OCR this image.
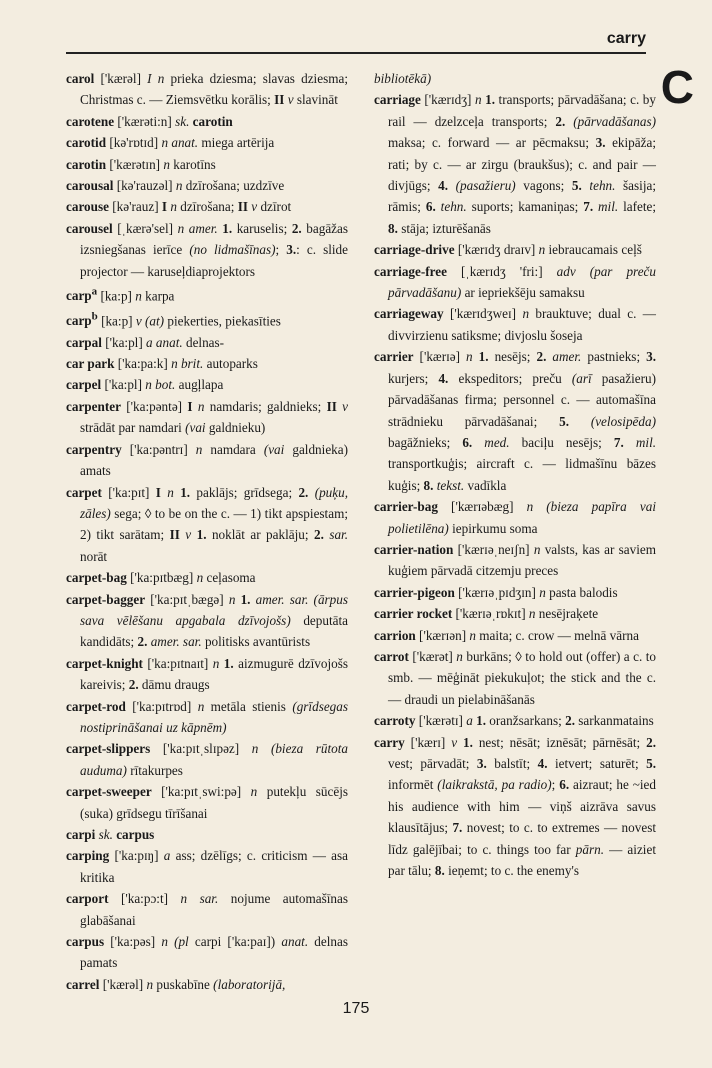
carry
C

carol ['kærəl] I n prieka dziesma; slavas dziesma; Christmas c. — Ziemsvētku korālis; II v slavināt

carotene ['kærəti:n] sk. carotin

carotid [kə'rɒtɪd] n anat. miega artērija

carotin ['kærətɪn] n karotīns

carousal [kə'rauzəl] n dzīrošana; uzdzīve

carouse [kə'rauz] I n dzīrošana; II v dzīrot

carousel [ˌkærə'sel] n amer. 1. karuselis; 2. bagāžas izsniegšanas ierīce (no lidmašīnas); 3.: c. slide projector — karuseļdiaprojektors

carp$^a$ [ka:p] n karpa

carp$^b$ [ka:p] v (at) piekerties, piekasīties

carpal ['ka:pl] a anat. delnas-

car park ['ka:pa:k] n brit. autoparks

carpel ['ka:pl] n bot. augļlapa

carpenter ['ka:pəntə] I n namdaris; galdnieks; II v strādāt par namdari (vai galdnieku)

carpentry ['ka:pəntrɪ] n namdara (vai galdnieka) amats

carpet ['ka:pɪt] I n 1. paklājs; grīdsega; 2. (puķu, zāles) sega; ◊ to be on the c. — 1) tikt apspiestam; 2) tikt sarātam; II v 1. noklāt ar paklāju; 2. sar. norāt

carpet-bag ['ka:pɪtbæg] n ceļasoma

carpet-bagger ['ka:pɪtˌbægə] n 1. amer. sar. (ārpus sava vēlēšanu apgabala dzīvojošs) deputāta kandidāts; 2. amer. sar. politisks avantūrists

carpet-knight ['ka:pɪtnaɪt] n 1. aizmugurē dzīvojošs kareivis; 2. dāmu draugs

carpet-rod ['ka:pɪtrɒd] n metāla stienis (grīdsegas nostiprināšanai uz kāpnēm)

carpet-slippers ['ka:pɪtˌslɪpəz] n (bieza rūtota auduma) rītakurpes

carpet-sweeper ['ka:pɪtˌswi:pə] n putekļu sūcējs (suka) grīdsegu tīrīšanai

carpi sk. carpus

carping ['ka:pɪŋ] a ass; dzēlīgs; c. criticism — asa kritika

carport ['ka:pɔ:t] n sar. nojume automašīnas glabāšanai

carpus ['ka:pəs] n (pl carpi ['ka:paɪ]) anat. delnas pamats

carrel ['kærəl] n puskabīne (laboratorijā,

bibliotēkā)

carriage ['kærɪdʒ] n 1. transports; pārvadāšana; c. by rail — dzelzceļa transports; 2. (pārvadāšanas) maksa; c. forward — ar pēcmaksu; 3. ekipāža; rati; by c. — ar zirgu (braukšus); c. and pair — divjūgs; 4. (pasažieru) vagons; 5. tehn. šasija; rāmis; 6. tehn. suports; kamaniņas; 7. mil. lafete; 8. stāja; izturēšanās

carriage-drive ['kærɪdʒ draɪv] n iebraucamais ceļš

carriage-free [ˌkærɪdʒ 'fri:] adv (par preču pārvadāšanu) ar iepriekšēju samaksu

carriageway ['kærɪdʒweɪ] n brauktuve; dual c. — divvirzienu satiksme; divjoslu šoseja

carrier ['kærɪə] n 1. nesējs; 2. amer. pastnieks; 3. kurjers; 4. ekspeditors; preču (arī pasažieru) pārvadāšanas firma; personnel c. — automašīna strādnieku pārvadāšanai; 5. (velosipēda) bagāžnieks; 6. med. baciļu nesējs; 7. mil. transportkuģis; aircraft c. — lidmašīnu bāzes kuģis; 8. tekst. vadīkla

carrier-bag ['kærɪəbæg] n (bieza papīra vai polietilēna) iepirkumu soma

carrier-nation ['kærɪəˌneɪʃn] n valsts, kas ar saviem kuģiem pārvadā citzemju preces

carrier-pigeon ['kærɪəˌpɪdʒɪn] n pasta balodis

carrier rocket ['kærɪəˌrɒkɪt] n nesējraķete

carrion ['kærɪən] n maita; c. crow — melnā vārna

carrot ['kærət] n burkāns; ◊ to hold out (offer) a c. to smb. — mēģināt piekukuļot; the stick and the c. — draudi un pielabināšanās

carroty ['kærətɪ] a 1. oranžsarkans; 2. sarkanmatains

carry ['kærɪ] v 1. nest; nēsāt; iznēsāt; pārnēsāt; 2. vest; pārvadāt; 3. balstīt; 4. ietvert; saturēt; 5. informēt (laikrakstā, pa radio); 6. aizraut; he ~ied his audience with him — viņš aizrāva savus klausītājus; 7. novest; to c. to extremes — novest līdz galējībai; to c. things too far pārn. — aiziet par tālu; 8. ieņemt; to c. the enemy's

175
